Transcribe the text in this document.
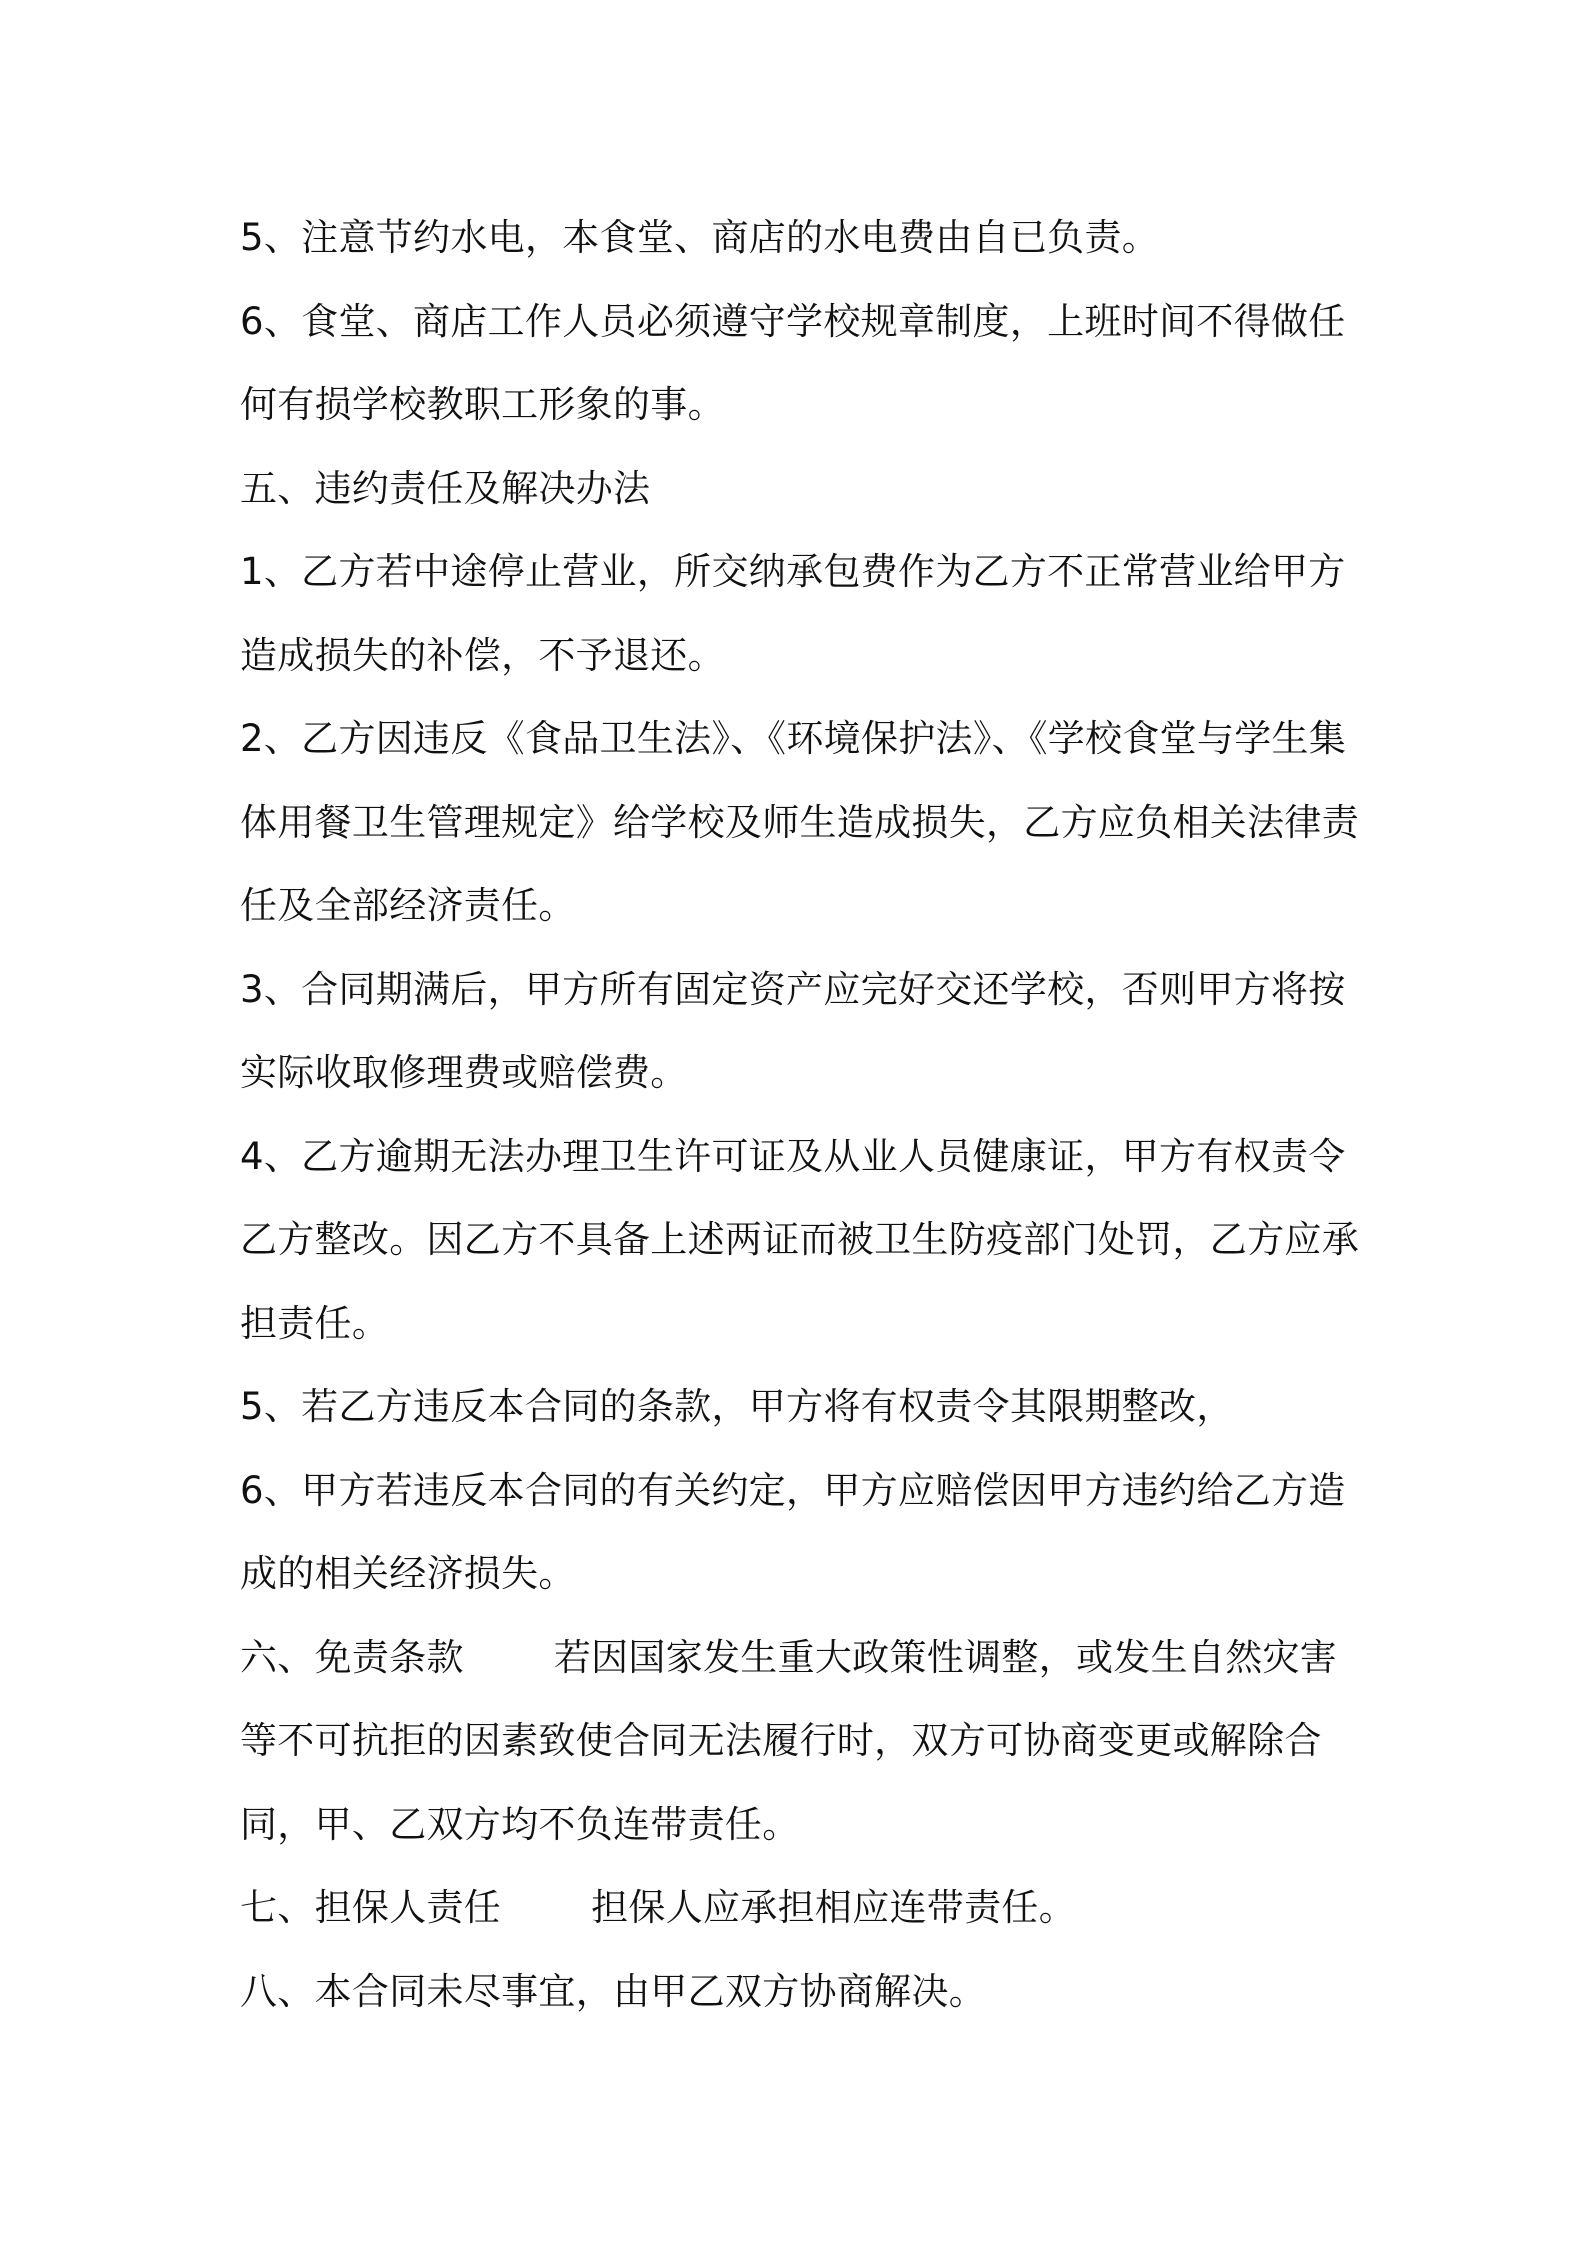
5、注意节约水电，本食堂、商店的水电费由自已负责。

6、食堂、商店工作人员必须遵守学校规章制度，上班时间不得做任何有损学校教职工形象的事。

五、违约责任及解决办法

1、乙方若中途停止营业，所交纳承包费作为乙方不正常营业给甲方造成损失的补偿，不予退还。

2、乙方因违反《食品卫生法》、《环境保护法》、《学校食堂与学生集体用餐卫生管理规定》给学校及师生造成损失，乙方应负相关法律责任及全部经济责任。

3、合同期满后，甲方所有固定资产应完好交还学校，否则甲方将按实际收取修理费或赔偿费。

4、乙方逾期无法办理卫生许可证及从业人员健康证，甲方有权责令乙方整改。因乙方不具备上述两证而被卫生防疫部门处罚，乙方应承担责任。

5、若乙方违反本合同的条款，甲方将有权责令其限期整改，

6、甲方若违反本合同的有关约定，甲方应赔偿因甲方违约给乙方造成的相关经济损失。

六、免责条款 若因国家发生重大政策性调整，或发生自然灾害等不可抗拒的因素致使合同无法履行时，双方可协商变更或解除合同，甲、乙双方均不负连带责任。

七、担保人责任 担保人应承担相应连带责任。

八、本合同未尽事宜，由甲乙双方协商解决。
